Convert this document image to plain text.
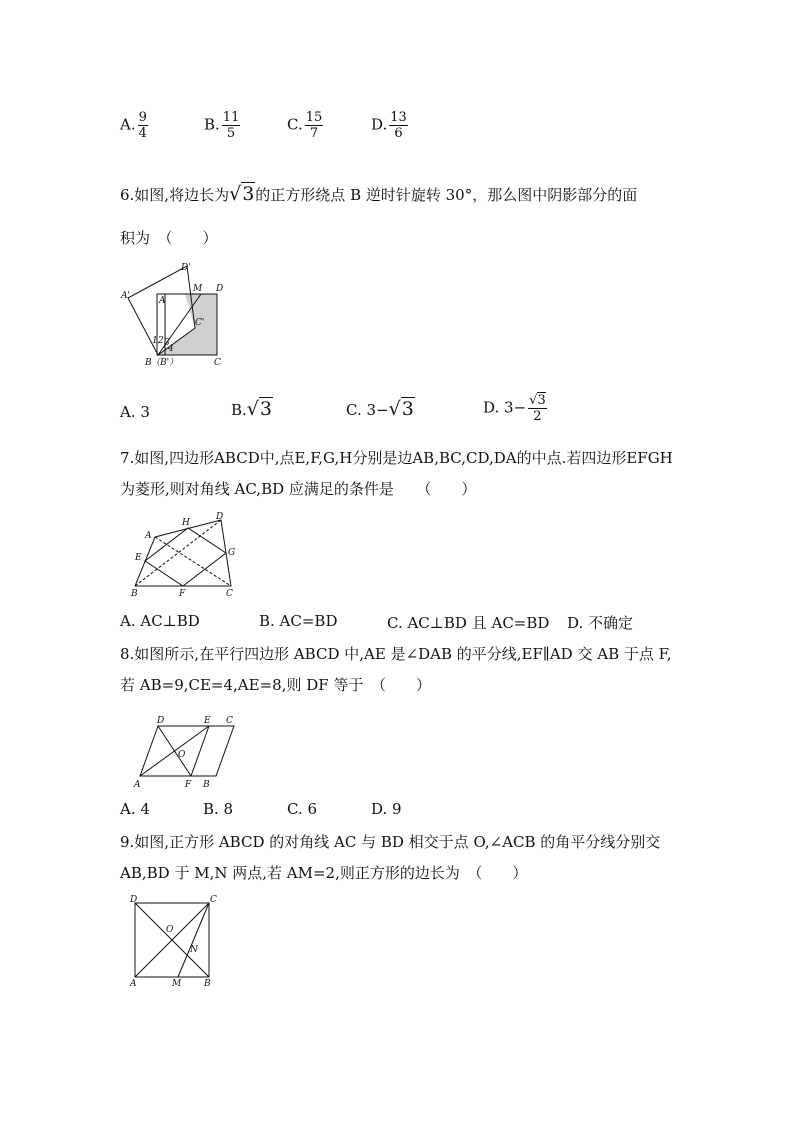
A. $\frac{9}{4}$	B. $\frac{11}{5}$	C. $\frac{15}{7}$	D. $\frac{13}{6}$
6.如图,将边长为√3的正方形绕点 B 逆时针旋转 30°，那么图中阴影部分的面
积为　（　　）
D'
D
A'	A
M
C'
1 2 3
4
B （B'）	C
A. 3	B.√3	C. 3−√3	D. $3- \frac{√3}{2}$
7.如图,四边形ABCD中,点E,F,G,H分别是边AB,BC,CD,DA的中点.若四边形EFGH
为菱形,则对角线 AC,BD 应满足的条件是　　（　　）
A
H
D
E	G
B	F	C
A. AC⊥BD	B. AC=BD	C. AC⊥BD 且 AC=BD D. 不确定
8.如图所示,在平行四边形 ABCD 中,AE 是∠DAB 的平分线,EF∥AD 交 AB 于点 F,
若 AB=9,CE=4,AE=8,则 DF 等于　（　　）
D	E C
O
A	F B
A. 4	B. 8	C. 6	D. 9
9.如图,正方形 ABCD 的对角线 AC 与 BD 相交于点 O,∠ACB 的角平分线分别交
AB,BD 于 M,N 两点,若 AM=2,则正方形的边长为　（　　）
D	C
O
N
A	M	B
